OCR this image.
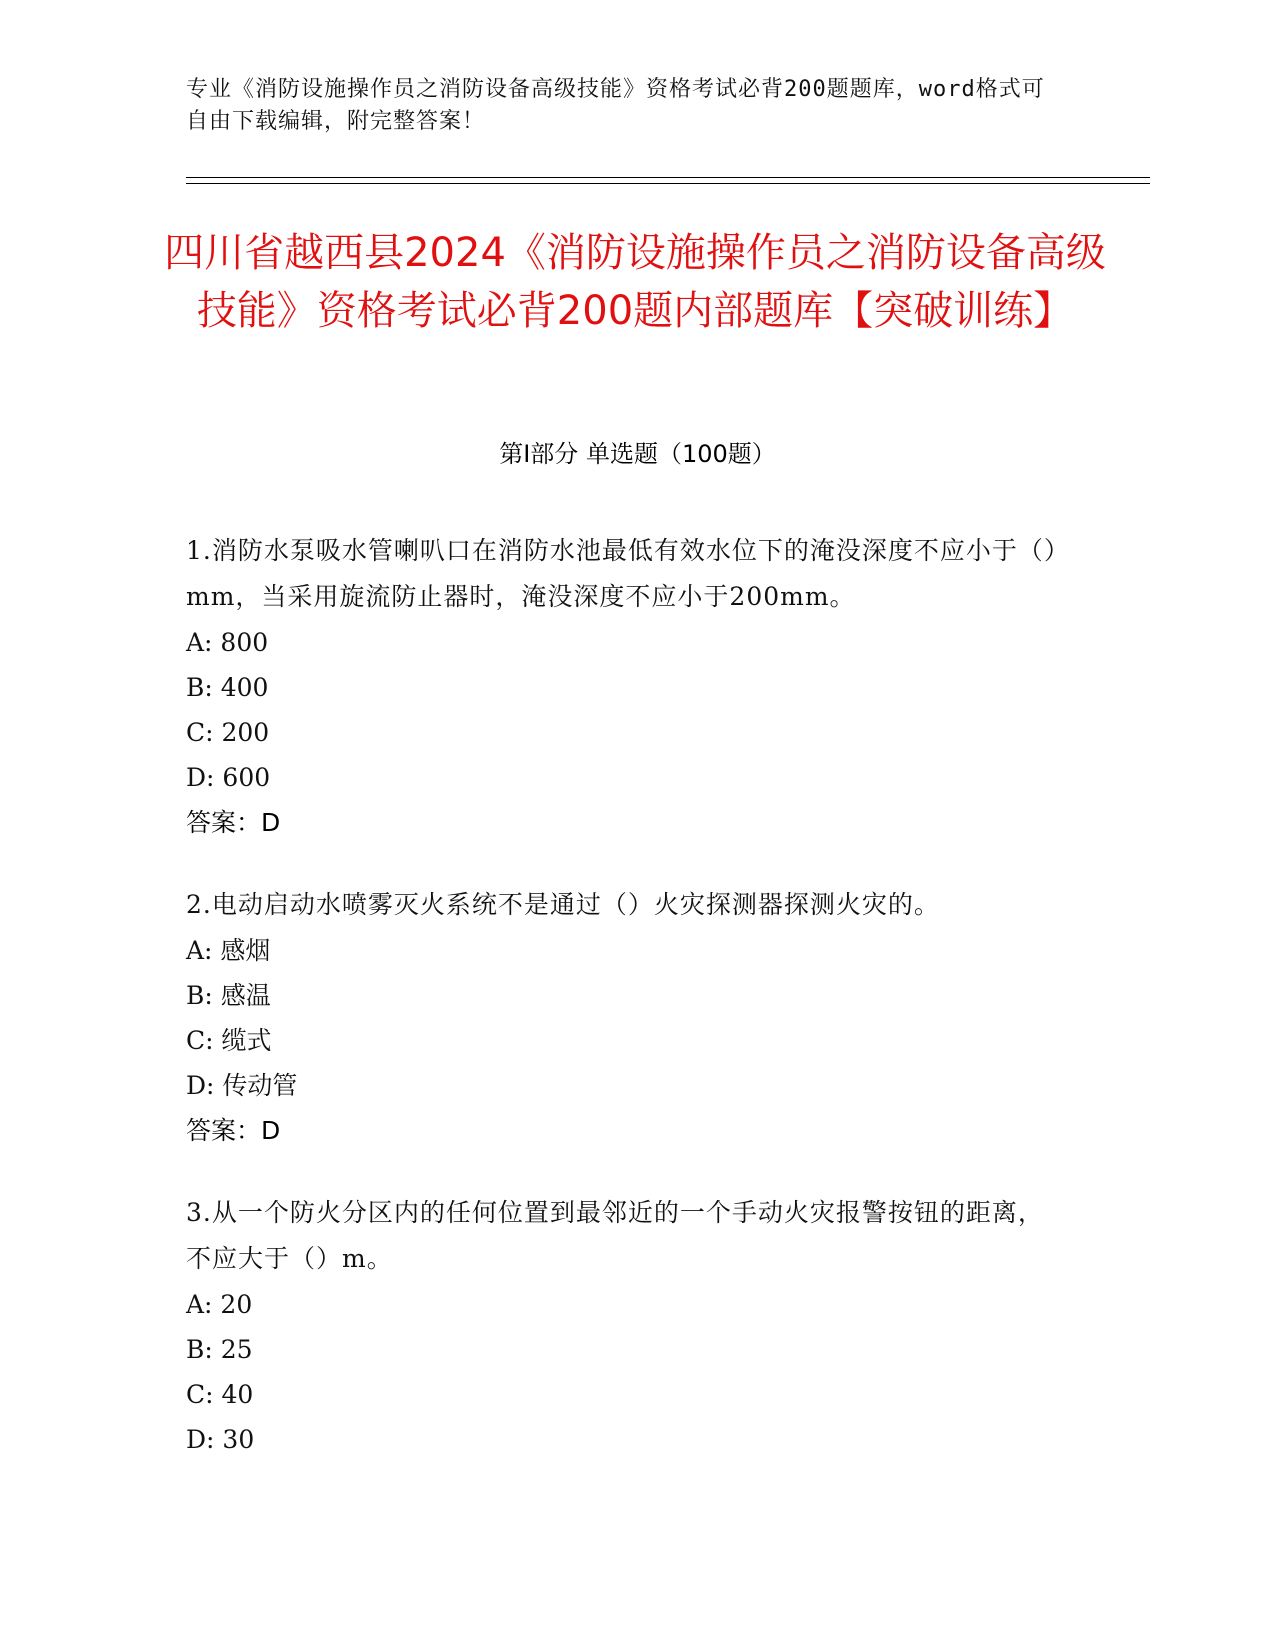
专业《消防设施操作员之消防设备高级技能》资格考试必背200题题库，word格式可自由下载编辑，附完整答案！
四川省越西县2024《消防设施操作员之消防设备高级技能》资格考试必背200题内部题库【突破训练】
第I部分 单选题（100题）
1.消防水泵吸水管喇叭口在消防水池最低有效水位下的淹没深度不应小于（）mm，当采用旋流防止器时，淹没深度不应小于200mm。
A: 800
B: 400
C: 200
D: 600
答案：D
2.电动启动水喷雾灭火系统不是通过（）火灾探测器探测火灾的。
A: 感烟
B: 感温
C: 缆式
D: 传动管
答案：D
3.从一个防火分区内的任何位置到最邻近的一个手动火灾报警按钮的距离，不应大于（）m。
A: 20
B: 25
C: 40
D: 30
